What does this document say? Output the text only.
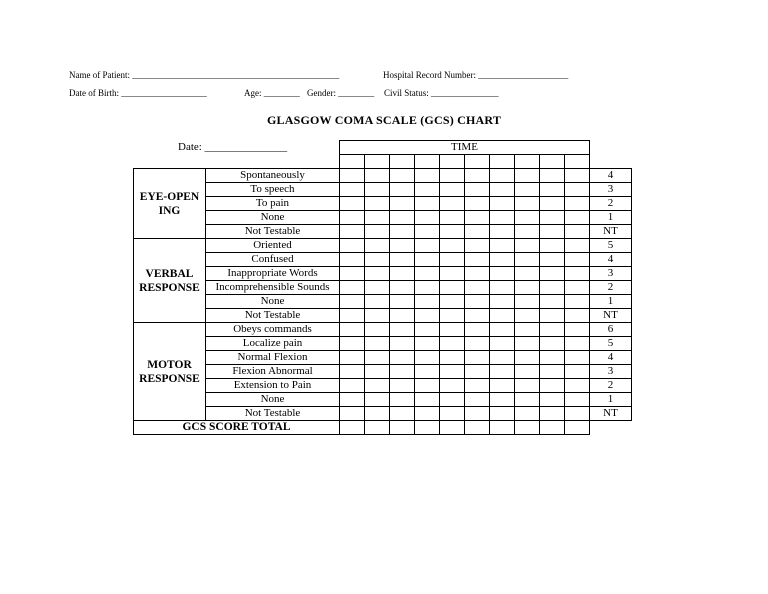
Name of Patient: ______________________________________________	Hospital Record Number: ____________________
Date of Birth: ___________________	Age: ________ Gender: ________ Civil Status: _______________
GLASGOW COMA SCALE (GCS) CHART
Date: _______________
		TIME										

EYE-OPEN ING	Spontaneously											4
	To speech											3
	To pain											2
	None											1
	Not Testable											NT
VERBAL RESPONSE	Oriented											5
	Confused											4
	Inappropriate Words											3
	Incomprehensible Sounds											2
	None											1
	Not Testable											NT
MOTOR RESPONSE	Obeys commands											6
	Localize pain											5
	Normal Flexion											4
	Flexion Abnormal											3
	Extension to Pain											2
	None											1
	Not Testable											NT
GCS SCORE TOTAL												
